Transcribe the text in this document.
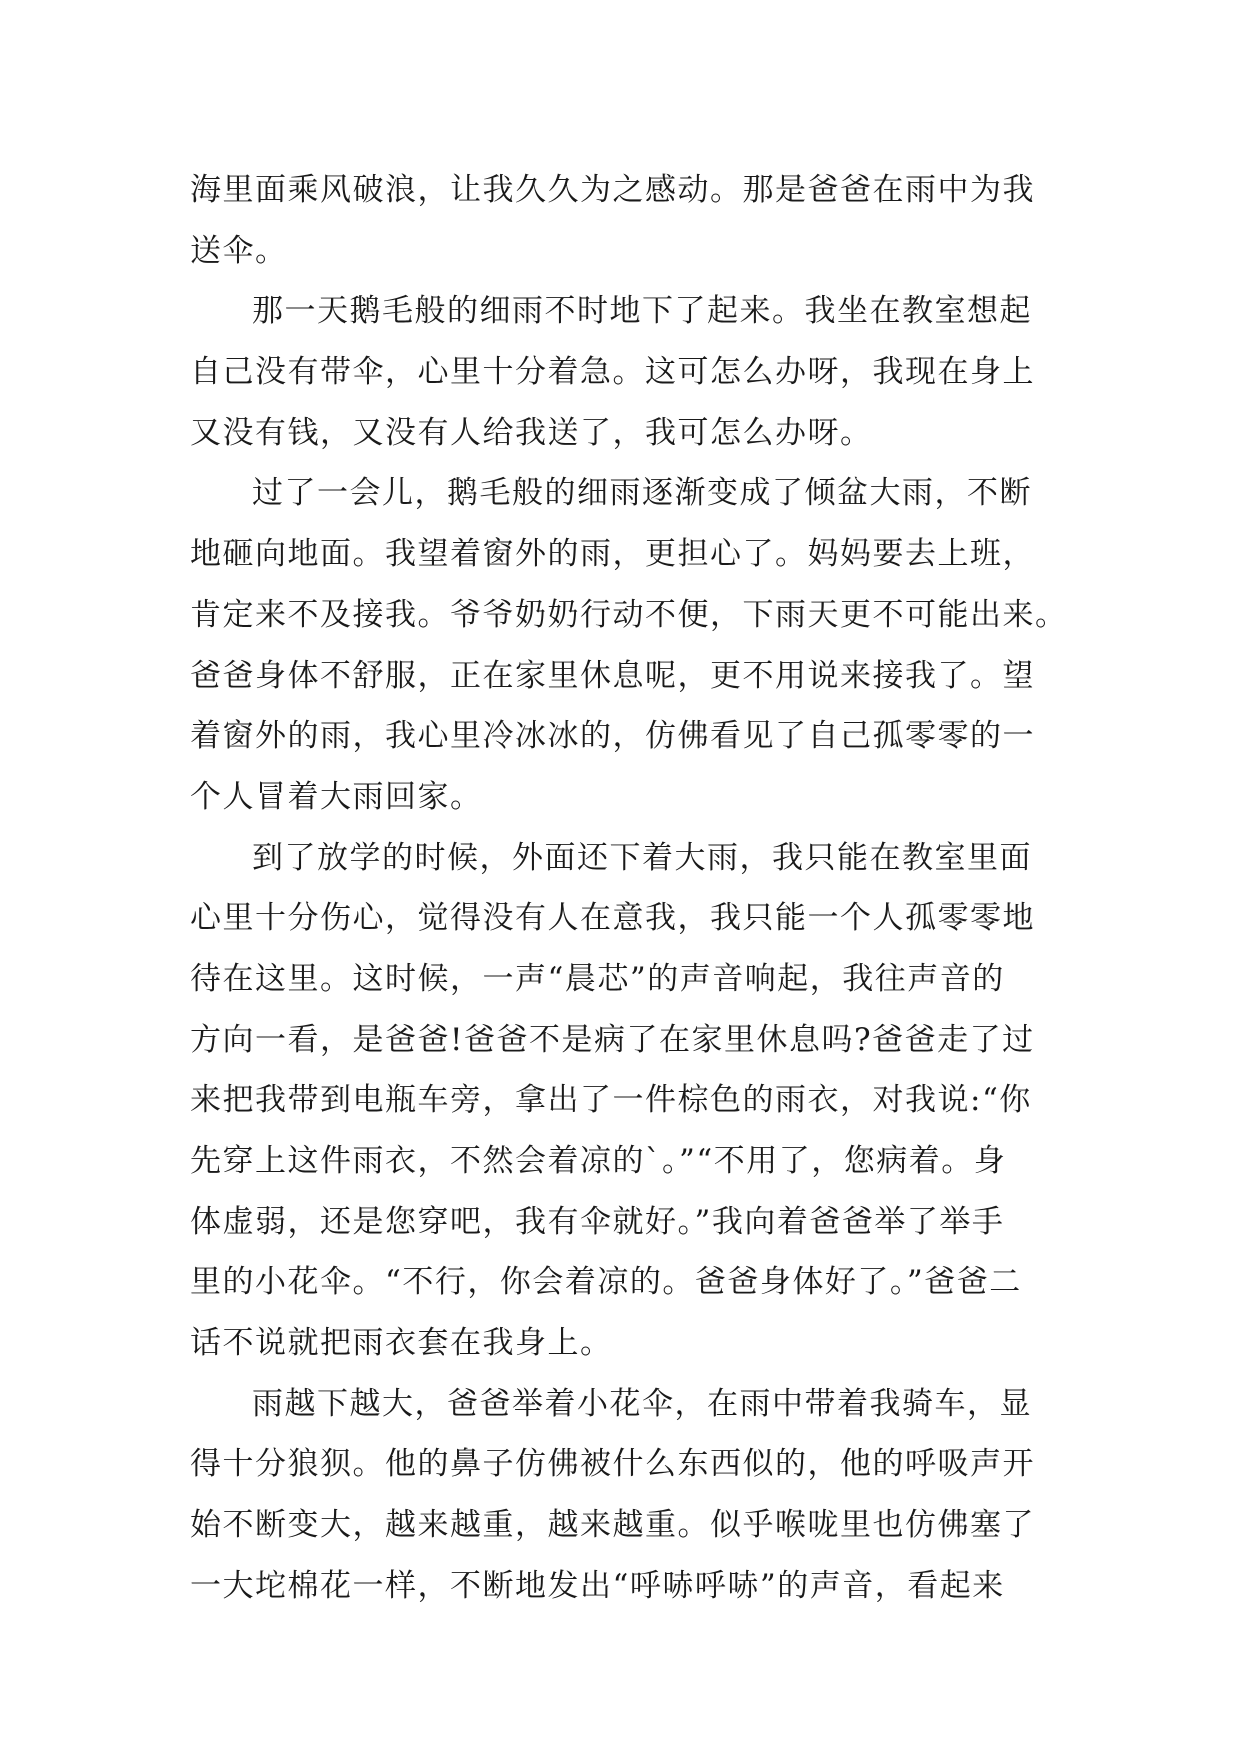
海里面乘风破浪，让我久久为之感动。那是爸爸在雨中为我
送伞。
那一天鹅毛般的细雨不时地下了起来。我坐在教室想起
自己没有带伞，心里十分着急。这可怎么办呀，我现在身上
又没有钱，又没有人给我送了，我可怎么办呀。
过了一会儿，鹅毛般的细雨逐渐变成了倾盆大雨，不断
地砸向地面。我望着窗外的雨，更担心了。妈妈要去上班，
肯定来不及接我。爷爷奶奶行动不便，下雨天更不可能出来。
爸爸身体不舒服，正在家里休息呢，更不用说来接我了。望
着窗外的雨，我心里冷冰冰的，仿佛看见了自己孤零零的一
个人冒着大雨回家。
到了放学的时候，外面还下着大雨，我只能在教室里面
心里十分伤心，觉得没有人在意我，我只能一个人孤零零地
待在这里。这时候，一声“晨芯”的声音响起，我往声音的
方向一看，是爸爸!爸爸不是病了在家里休息吗?爸爸走了过
来把我带到电瓶车旁，拿出了一件棕色的雨衣，对我说:“你
先穿上这件雨衣，不然会着凉的`。”“不用了，您病着。身
体虚弱，还是您穿吧，我有伞就好。”我向着爸爸举了举手
里的小花伞。“不行，你会着凉的。爸爸身体好了。”爸爸二
话不说就把雨衣套在我身上。
雨越下越大，爸爸举着小花伞，在雨中带着我骑车，显
得十分狼狈。他的鼻子仿佛被什么东西似的，他的呼吸声开
始不断变大，越来越重，越来越重。似乎喉咙里也仿佛塞了
一大坨棉花一样，不断地发出“呼哧呼哧”的声音，看起来
